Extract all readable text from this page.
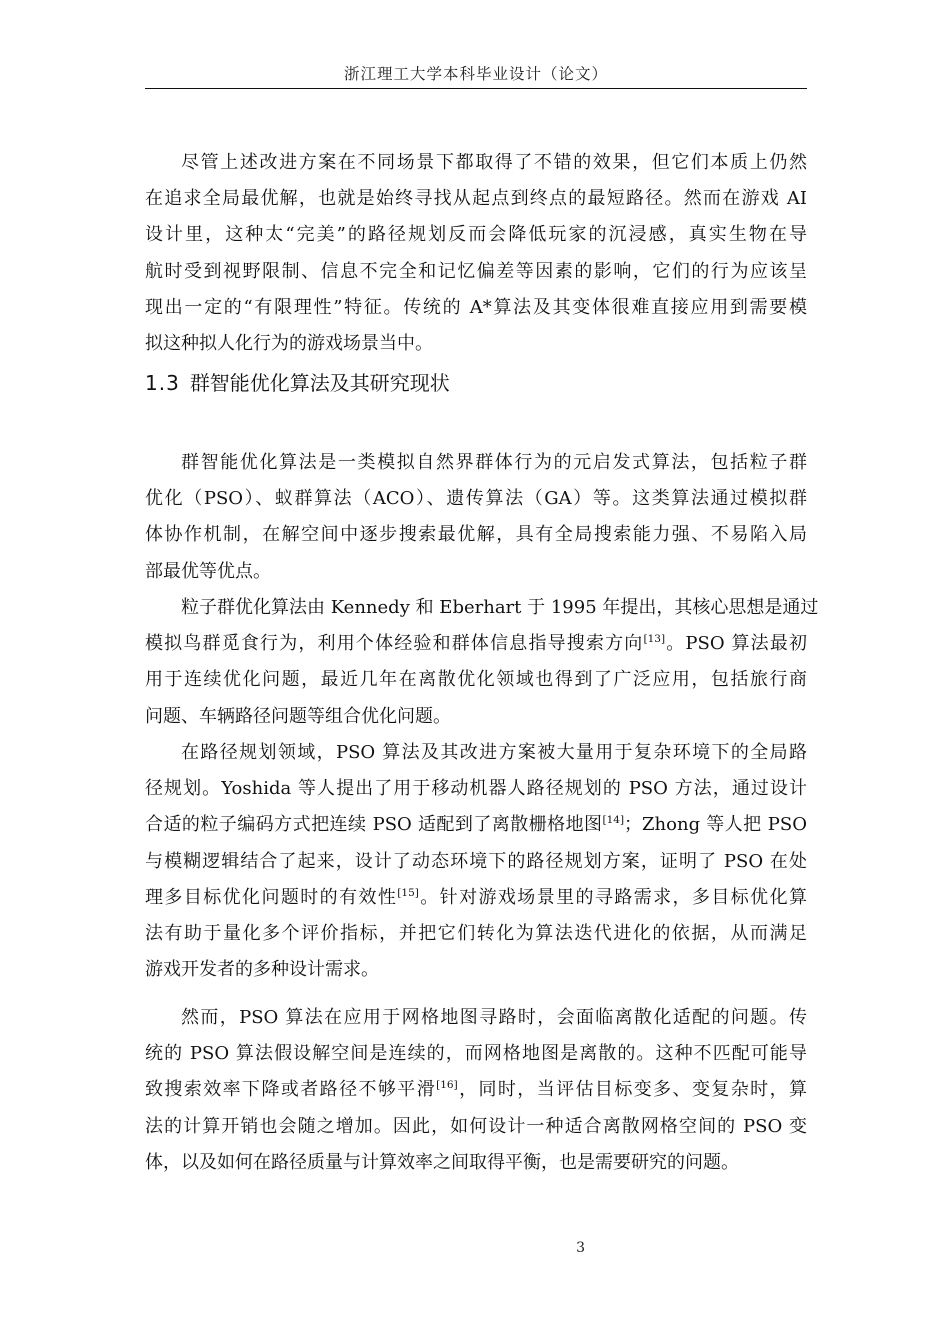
浙江理工大学本科毕业设计（论文）
尽管上述改进方案在不同场景下都取得了不错的效果，但它们本质上仍然
在追求全局最优解，也就是始终寻找从起点到终点的最短路径。然而在游戏 AI
设计里，这种太“完美”的路径规划反而会降低玩家的沉浸感，真实生物在导
航时受到视野限制、信息不完全和记忆偏差等因素的影响，它们的行为应该呈
现出一定的“有限理性”特征。传统的 A*算法及其变体很难直接应用到需要模
拟这种拟人化行为的游戏场景当中。
1.3 群智能优化算法及其研究现状
群智能优化算法是一类模拟自然界群体行为的元启发式算法，包括粒子群
优化（PSO）、蚁群算法（ACO）、遗传算法（GA）等。这类算法通过模拟群
体协作机制，在解空间中逐步搜索最优解，具有全局搜索能力强、不易陷入局
部最优等优点。
粒子群优化算法由 Kennedy 和 Eberhart 于 1995 年提出，其核心思想是通过
模拟鸟群觅食行为，利用个体经验和群体信息指导搜索方向[13]。PSO 算法最初
用于连续优化问题，最近几年在离散优化领域也得到了广泛应用，包括旅行商
问题、车辆路径问题等组合优化问题。
在路径规划领域，PSO 算法及其改进方案被大量用于复杂环境下的全局路
径规划。Yoshida 等人提出了用于移动机器人路径规划的 PSO 方法，通过设计
合适的粒子编码方式把连续 PSO 适配到了离散栅格地图[14]；Zhong 等人把 PSO
与模糊逻辑结合了起来，设计了动态环境下的路径规划方案，证明了 PSO 在处
理多目标优化问题时的有效性[15]。针对游戏场景里的寻路需求，多目标优化算
法有助于量化多个评价指标，并把它们转化为算法迭代进化的依据，从而满足
游戏开发者的多种设计需求。
然而，PSO 算法在应用于网格地图寻路时，会面临离散化适配的问题。传
统的 PSO 算法假设解空间是连续的，而网格地图是离散的。这种不匹配可能导
致搜索效率下降或者路径不够平滑[16]，同时，当评估目标变多、变复杂时，算
法的计算开销也会随之增加。因此，如何设计一种适合离散网格空间的 PSO 变
体，以及如何在路径质量与计算效率之间取得平衡，也是需要研究的问题。
3
